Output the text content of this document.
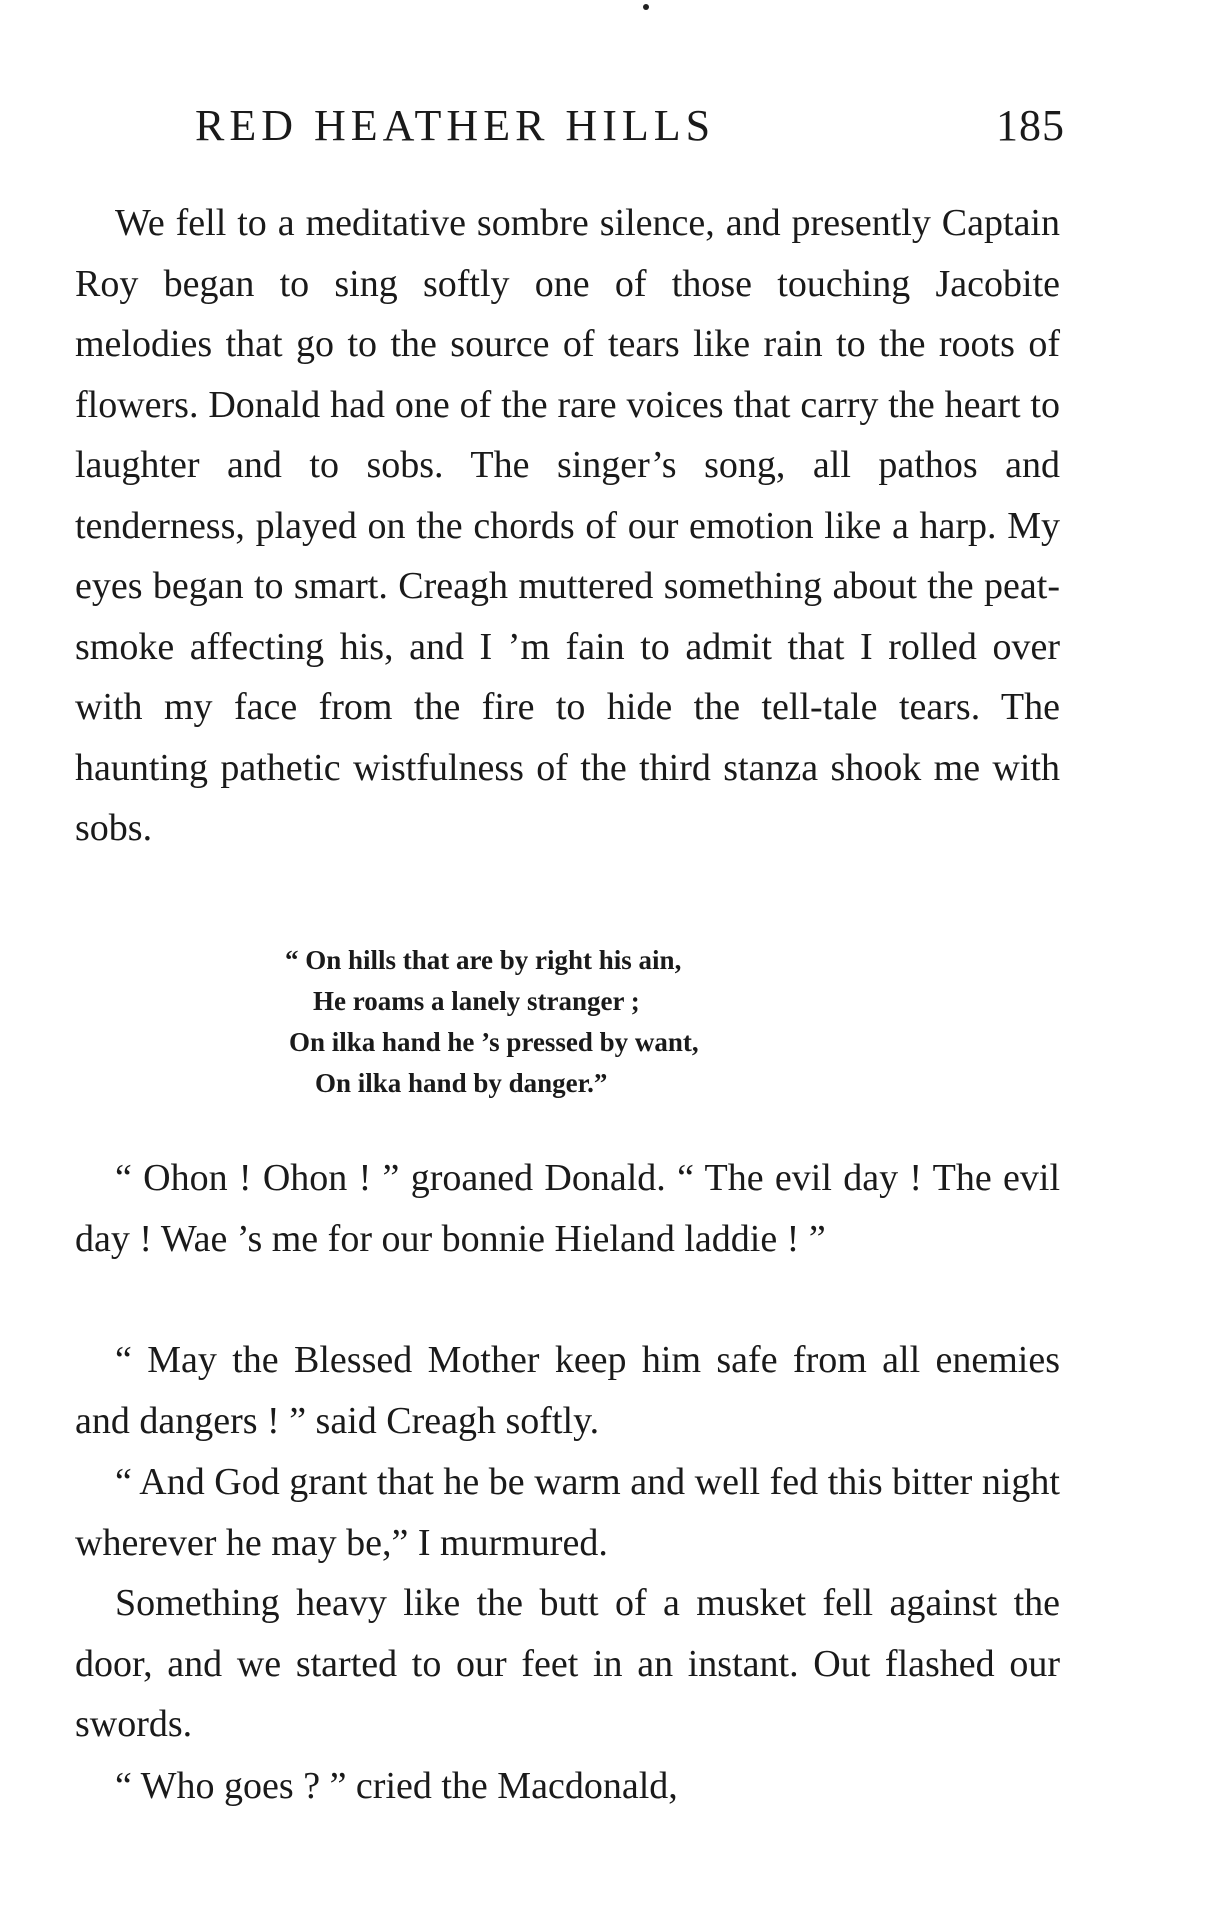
RED HEATHER HILLS	185

We fell to a meditative sombre silence, and presently Captain Roy began to sing softly one of those touching Jacobite melodies that go to the source of tears like rain to the roots of flowers. Donald had one of the rare voices that carry the heart to laughter and to sobs. The singer’s song, all pathos and tenderness, played on the chords of our emotion like a harp. My eyes began to smart. Creagh muttered something about the peat-smoke affecting his, and I ’m fain to admit that I rolled over with my face from the fire to hide the tell-tale tears. The haunting pathetic wistfulness of the third stanza shook me with sobs.

“ On hills that are by right his ain,
He roams a lanely stranger ;
On ilka hand he ’s pressed by want,
On ilka hand by danger.”

“ Ohon ! Ohon ! ” groaned Donald. “ The evil day ! The evil day ! Wae ’s me for our bonnie Hieland laddie ! ”

“ May the Blessed Mother keep him safe from all enemies and dangers ! ” said Creagh softly.

“ And God grant that he be warm and well fed this bitter night wherever he may be,” I murmured.

Something heavy like the butt of a musket fell against the door, and we started to our feet in an instant. Out flashed our swords.

“ Who goes ? ” cried the Macdonald,
